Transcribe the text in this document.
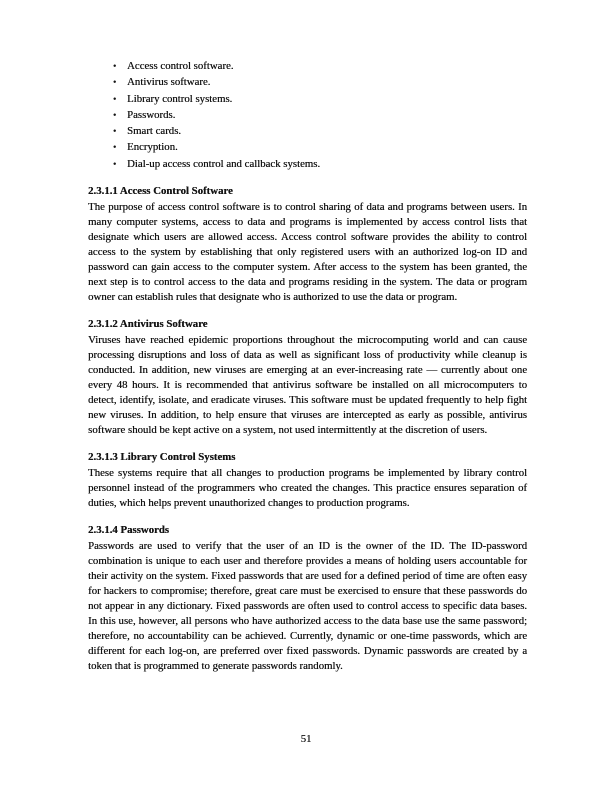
• Access control software.
• Antivirus software.
• Library control systems.
• Passwords.
• Smart cards.
• Encryption.
• Dial-up access control and callback systems.
2.3.1.1 Access Control Software

The purpose of access control software is to control sharing of data and programs between users. In many computer systems, access to data and programs is implemented by access control lists that designate which users are allowed access. Access control software provides the ability to control access to the system by establishing that only registered users with an authorized log-on ID and password can gain access to the computer system. After access to the system has been granted, the next step is to control access to the data and programs residing in the system. The data or program owner can establish rules that designate who is authorized to use the data or program.

2.3.1.2 Antivirus Software

Viruses have reached epidemic proportions throughout the microcomputing world and can cause processing disruptions and loss of data as well as significant loss of productivity while cleanup is conducted. In addition, new viruses are emerging at an ever-increasing rate — currently about one every 48 hours. It is recommended that antivirus software be installed on all microcomputers to detect, identify, isolate, and eradicate viruses. This software must be updated frequently to help fight new viruses. In addition, to help ensure that viruses are intercepted as early as possible, antivirus software should be kept active on a system, not used intermittently at the discretion of users.

2.3.1.3 Library Control Systems

These systems require that all changes to production programs be implemented by library control personnel instead of the programmers who created the changes. This practice ensures separation of duties, which helps prevent unauthorized changes to production programs.

2.3.1.4 Passwords

Passwords are used to verify that the user of an ID is the owner of the ID. The ID-password combination is unique to each user and therefore provides a means of holding users accountable for their activity on the system. Fixed passwords that are used for a defined period of time are often easy for hackers to compromise; therefore, great care must be exercised to ensure that these passwords do not appear in any dictionary. Fixed passwords are often used to control access to specific data bases. In this use, however, all persons who have authorized access to the data base use the same password; therefore, no accountability can be achieved. Currently, dynamic or one-time passwords, which are different for each log-on, are preferred over fixed passwords. Dynamic passwords are created by a token that is programmed to generate passwords randomly.

51
